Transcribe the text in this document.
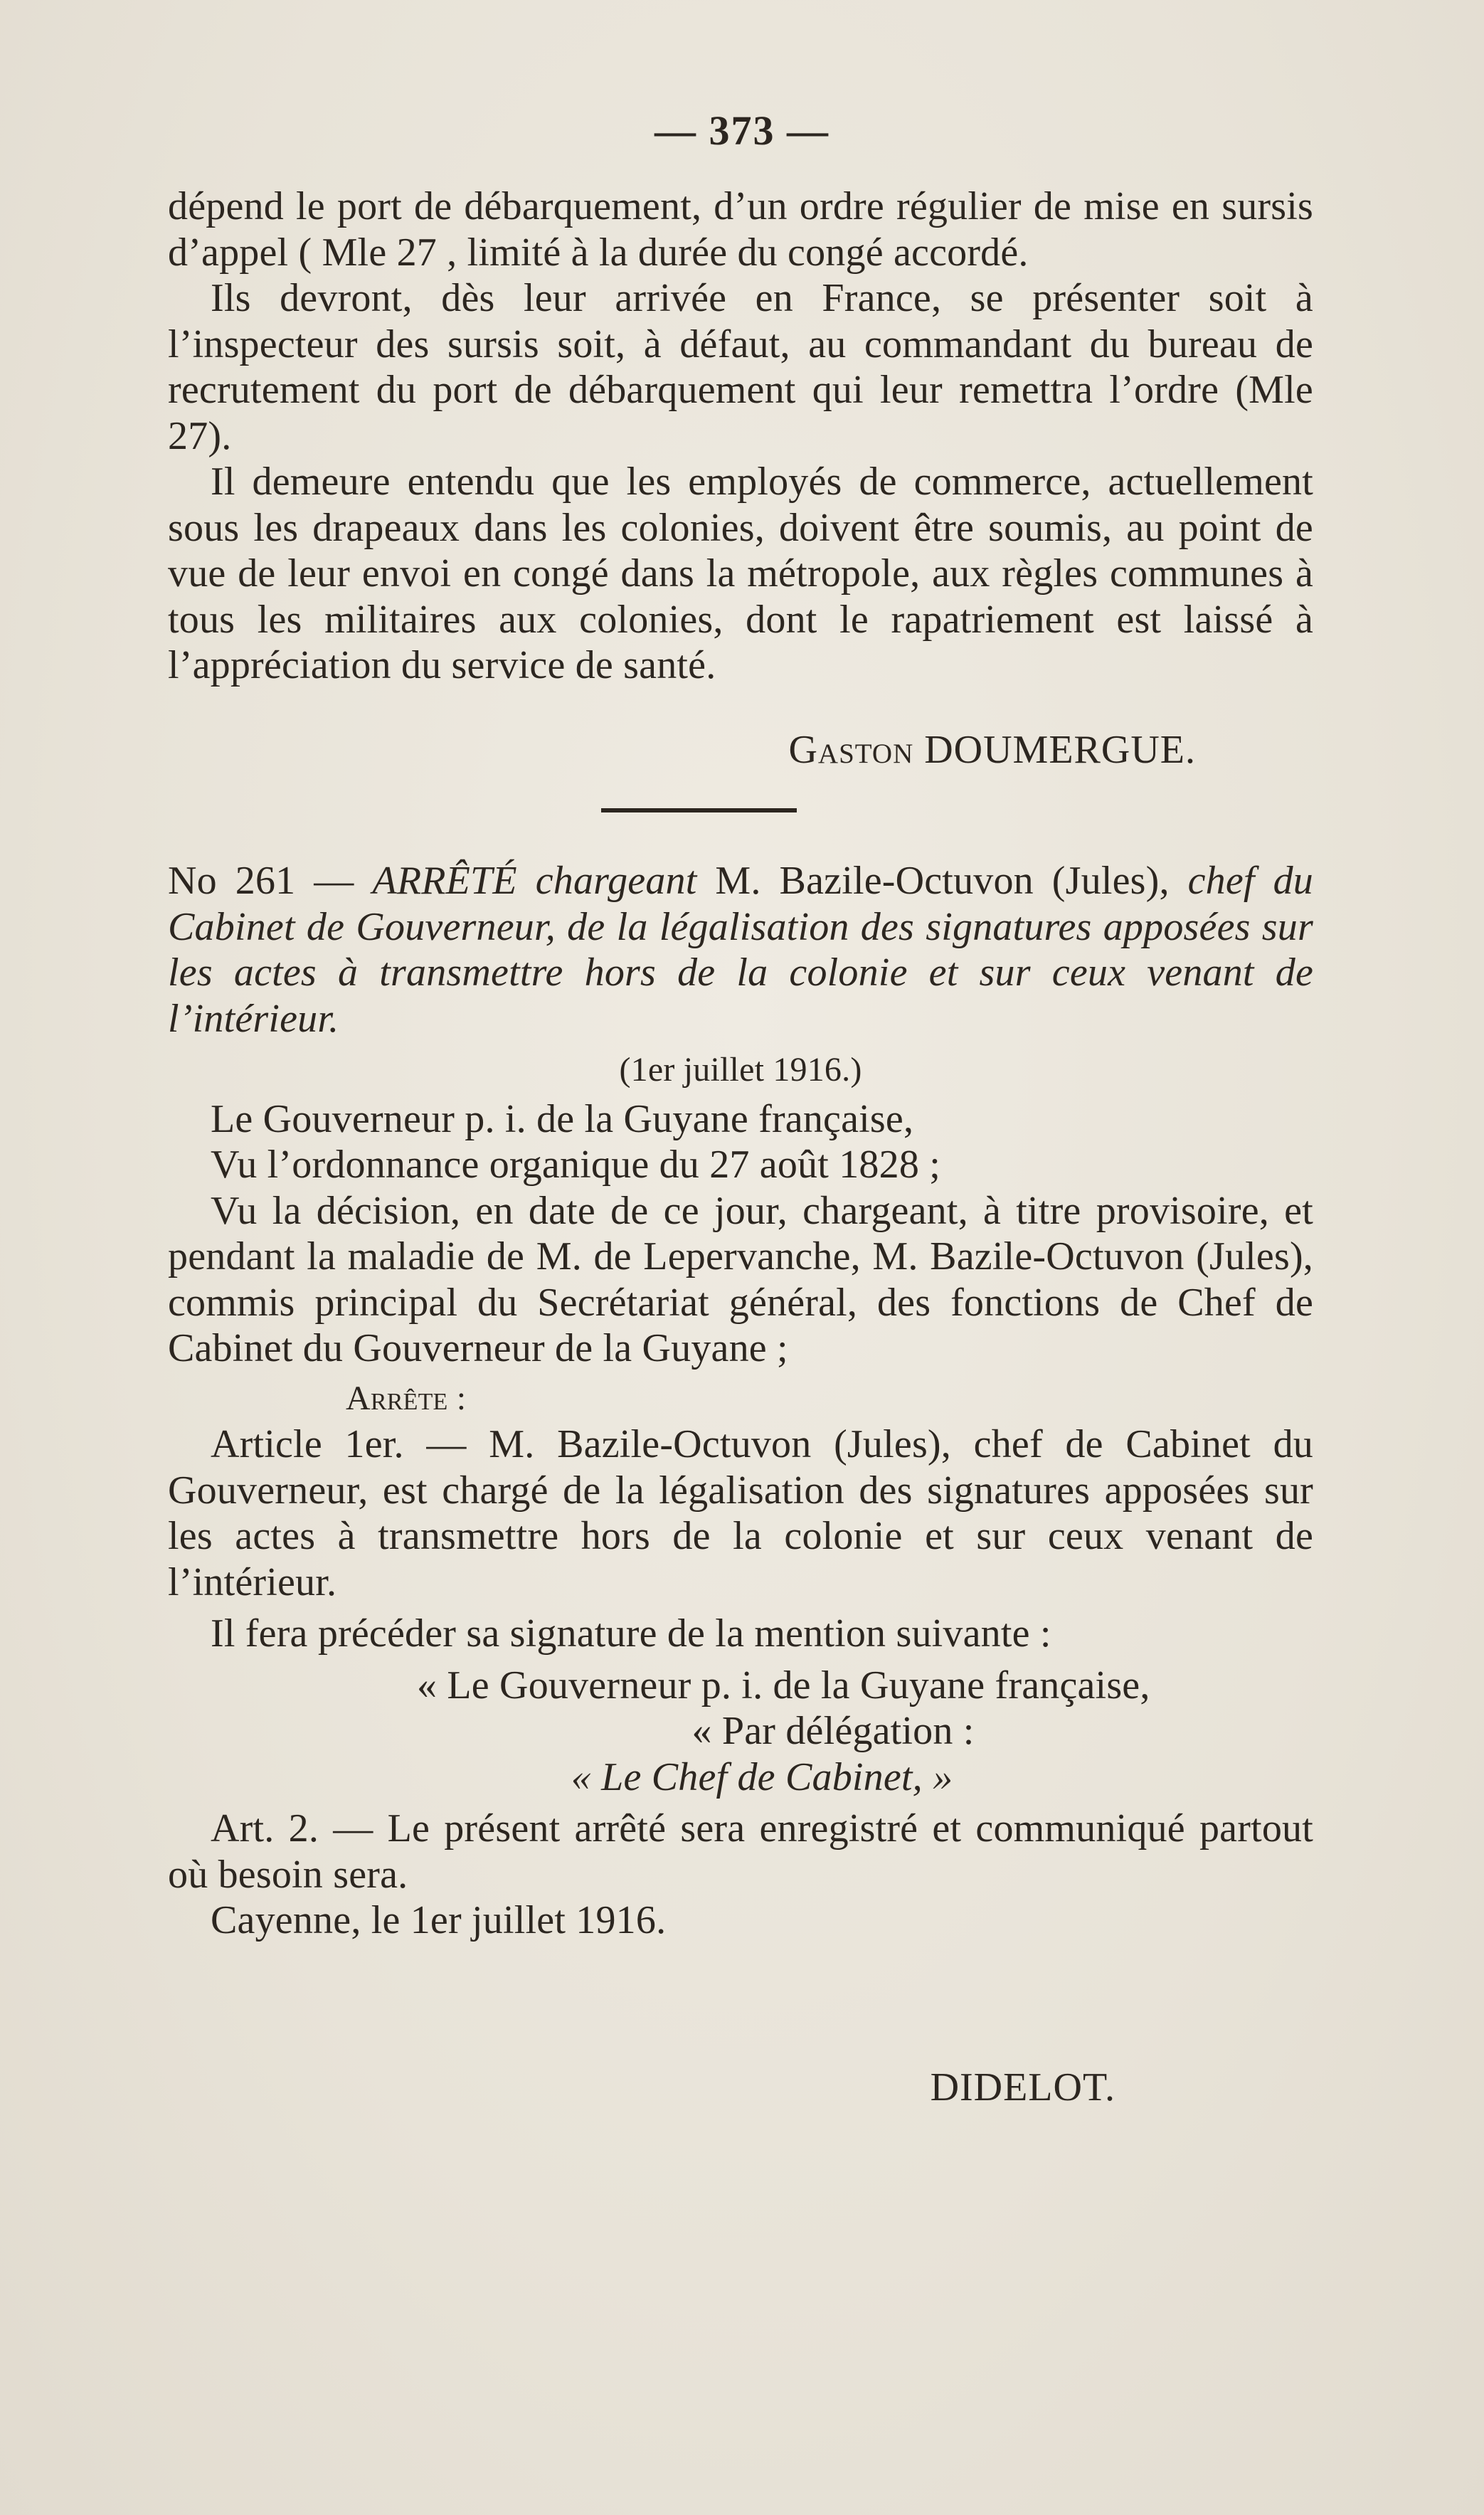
— 373 —

dépend le port de débarquement, d’un ordre régulier de mise en sursis d’appel ( Mle 27 , limité à la durée du congé accordé.

Ils devront, dès leur arrivée en France, se présenter soit à l’inspecteur des sursis soit, à défaut, au commandant du bureau de recrutement du port de débarquement qui leur remettra l’ordre (Mle 27).

Il demeure entendu que les employés de commerce, actuellement sous les drapeaux dans les colonies, doivent être soumis, au point de vue de leur envoi en congé dans la métropole, aux règles communes à tous les militaires aux colonies, dont le rapatriement est laissé à l’appréciation du service de santé.

Gaston DOUMERGUE.

No 261 — ARRÊTÉ chargeant M. Bazile-Octuvon (Jules), chef du Cabinet de Gouverneur, de la légalisation des signatures apposées sur les actes à transmettre hors de la colonie et sur ceux venant de l’intérieur.

(1er juillet 1916.)

Le Gouverneur p. i. de la Guyane française,

Vu l’ordonnance organique du 27 août 1828 ;

Vu la décision, en date de ce jour, chargeant, à titre provisoire, et pendant la maladie de M. de Lepervanche, M. Bazile-Octuvon (Jules), commis principal du Secrétariat général, des fonctions de Chef de Cabinet du Gouverneur de la Guyane ;

Arrête :

Article 1er. — M. Bazile-Octuvon (Jules), chef de Cabinet du Gouverneur, est chargé de la légalisation des signatures apposées sur les actes à transmettre hors de la colonie et sur ceux venant de l’intérieur.

Il fera précéder sa signature de la mention suivante :

« Le Gouverneur p. i. de la Guyane française,

« Par délégation :

« Le Chef de Cabinet, »

Art. 2. — Le présent arrêté sera enregistré et communiqué partout où besoin sera.

Cayenne, le 1er juillet 1916.

DIDELOT.
